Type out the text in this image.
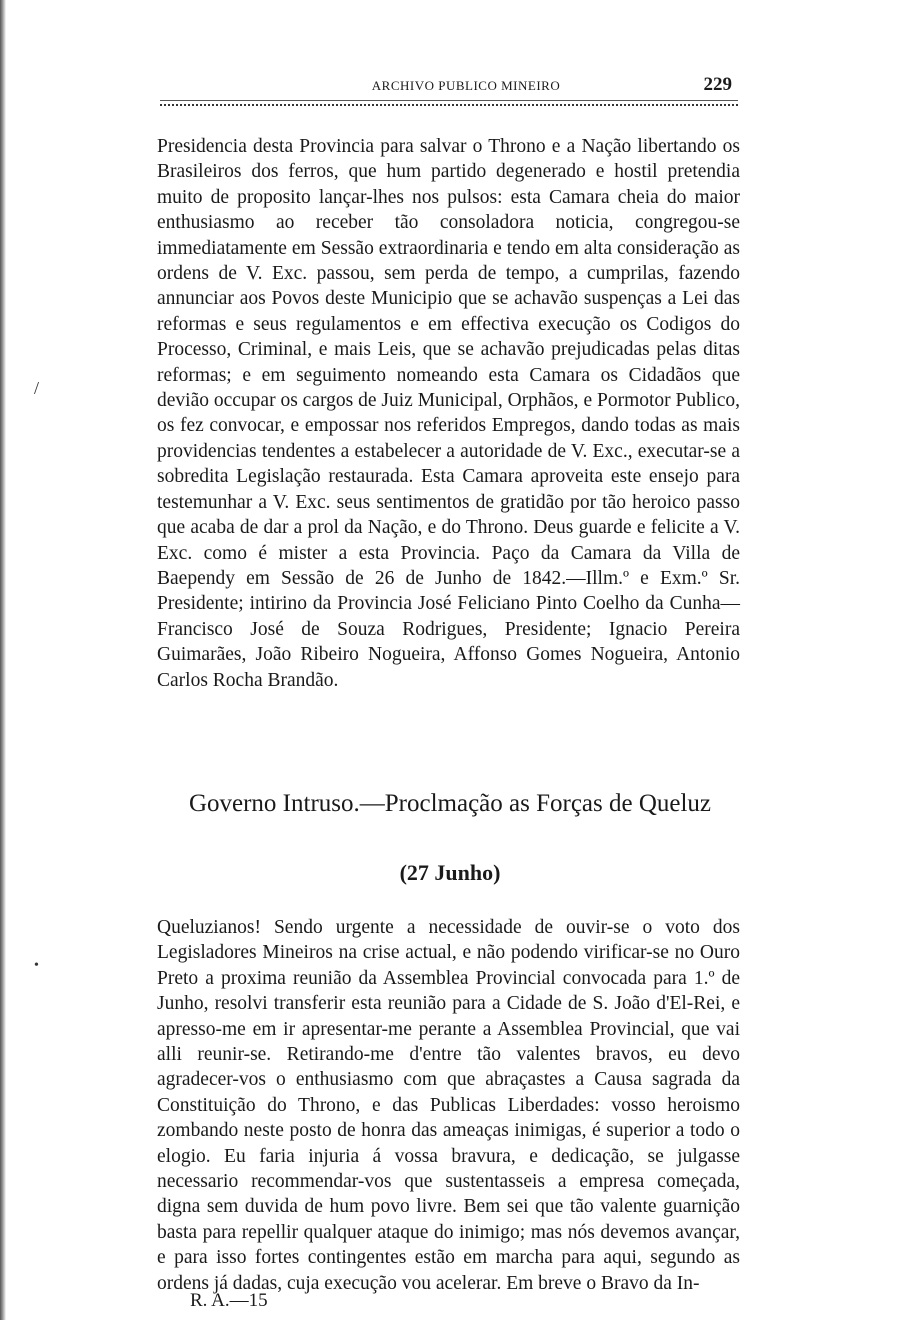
ARCHIVO PUBLICO MINEIRO	229
/
•
Presidencia desta Provincia para salvar o Throno e a Nação libertando os Brasileiros dos ferros, que hum partido degenerado e hostil pretendia muito de proposito lançar-lhes nos pulsos: esta Camara cheia do maior enthusiasmo ao receber tão consoladora noticia, congregou-se immediatamente em Sessão extraordinaria e tendo em alta consideração as ordens de V. Exc. passou, sem perda de tempo, a cumprilas, fazendo annunciar aos Povos deste Municipio que se achavão suspenças a Lei das reformas e seus regulamentos e em effectiva execução os Codigos do Processo, Criminal, e mais Leis, que se achavão prejudicadas pelas ditas reformas; e em seguimento nomeando esta Camara os Cidadãos que devião occupar os cargos de Juiz Municipal, Orphãos, e Pormotor Publico, os fez convocar, e empossar nos referidos Empregos, dando todas as mais providencias tendentes a estabelecer a autoridade de V. Exc., executar-se a sobredita Legislação restaurada. Esta Camara aproveita este ensejo para testemunhar a V. Exc. seus sentimentos de gratidão por tão heroico passo que acaba de dar a prol da Nação, e do Throno. Deus guarde e felicite a V. Exc. como é mister a esta Provincia. Paço da Camara da Villa de Baependy em Sessão de 26 de Junho de 1842.—Illm.º e Exm.º Sr. Presidente; intirino da Provincia José Feliciano Pinto Coelho da Cunha— Francisco José de Souza Rodrigues, Presidente; Ignacio Pereira Guimarães, João Ribeiro Nogueira, Affonso Gomes Nogueira, Antonio Carlos Rocha Brandão.
Governo Intruso.—Proclmação as Forças de Queluz
(27 Junho)
Queluzianos! Sendo urgente a necessidade de ouvir-se o voto dos Legisladores Mineiros na crise actual, e não podendo virificar-se no Ouro Preto a proxima reunião da Assemblea Provincial convocada para 1.º de Junho, resolvi transferir esta reunião para a Cidade de S. João d'El-Rei, e apresso-me em ir apresentar-me perante a Assemblea Provincial, que vai alli reunir-se. Retirando-me d'entre tão valentes bravos, eu devo agradecer-vos o enthusiasmo com que abraçastes a Causa sagrada da Constituição do Throno, e das Publicas Liberdades: vosso heroismo zombando neste posto de honra das ameaças inimigas, é superior a todo o elogio. Eu faria injuria á vossa bravura, e dedicação, se julgasse necessario recommendar-vos que sustentasseis a empresa começada, digna sem duvida de hum povo livre. Bem sei que tão valente guarnição basta para repellir qualquer ataque do inimigo; mas nós devemos avançar, e para isso fortes contingentes estão em marcha para aqui, segundo as ordens já dadas, cuja execução vou acelerar. Em breve o Bravo da In-
R. A.—15
